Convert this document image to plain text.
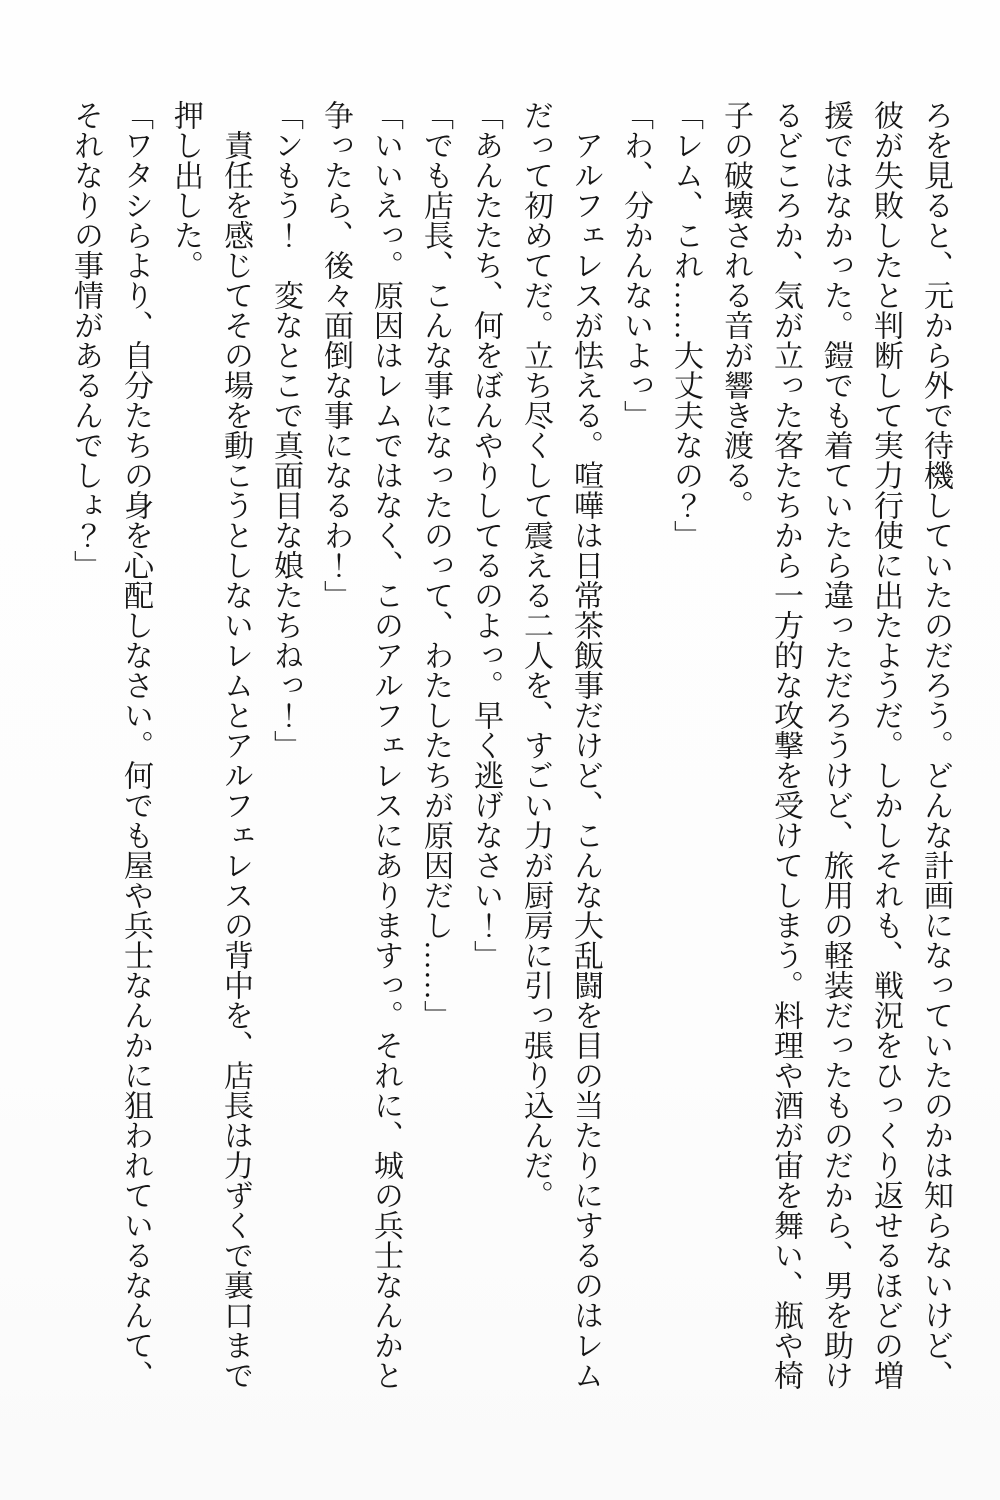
ろを見ると、元から外で待機していたのだろう。どんな計画になっていたのかは知らないけど、彼が失敗したと判断して実力行使に出たようだ。しかしそれも、戦況をひっくり返せるほどの増援ではなかった。鎧でも着ていたら違っただろうけど、旅用の軽装だったものだから、男を助けるどころか、気が立った客たちから一方的な攻撃を受けてしまう。料理や酒が宙を舞い、瓶や椅子の破壊される音が響き渡る。

「レム、これ……大丈夫なの？」

「わ、分かんないよっ」

アルフェレスが怯える。喧嘩は日常茶飯事だけど、こんな大乱闘を目の当たりにするのはレムだって初めてだ。立ち尽くして震える二人を、すごい力が厨房に引っ張り込んだ。

「あんたたち、何をぼんやりしてるのよっ。早く逃げなさい！」

「でも店長、こんな事になったのって、わたしたちが原因だし……」

「いいえっ。原因はレムではなく、このアルフェレスにありますっ。それに、城の兵士なんかと争ったら、後々面倒な事になるわ！」

「ンもう！　変なとこで真面目な娘たちねっ！」

責任を感じてその場を動こうとしないレムとアルフェレスの背中を、店長は力ずくで裏口まで押し出した。

「ワタシらより、自分たちの身を心配しなさい。何でも屋や兵士なんかに狙われているなんて、それなりの事情があるんでしょ？」
